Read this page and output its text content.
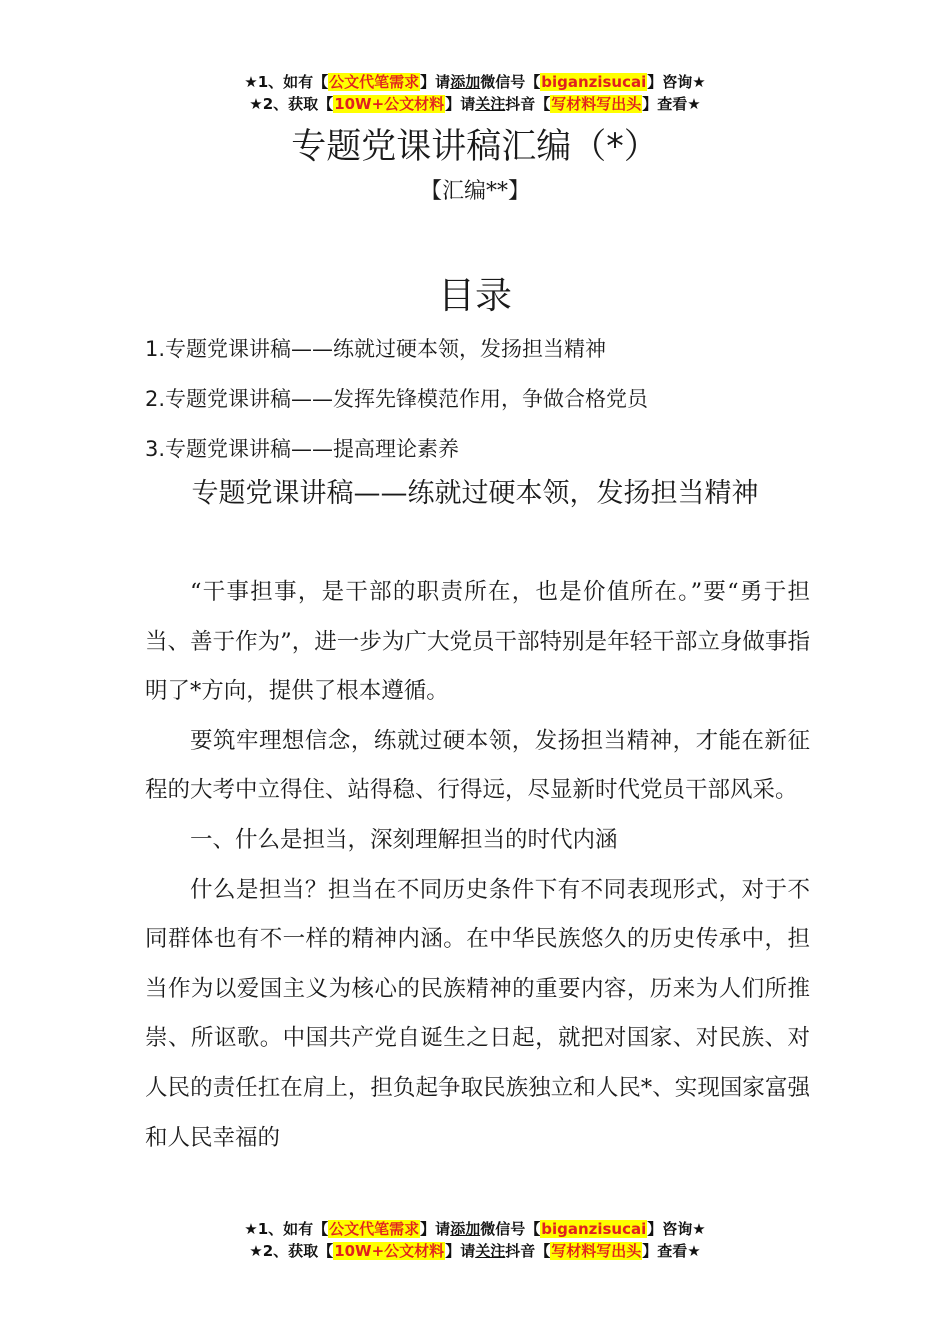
★1、如有【公文代笔需求】请添加微信号【biganzisucai】咨询★
★2、获取【10W+公文材料】请关注抖音【写材料写出头】查看★
专题党课讲稿汇编（*）
【汇编**】
目录
1.专题党课讲稿——练就过硬本领，发扬担当精神
2.专题党课讲稿——发挥先锋模范作用，争做合格党员
3.专题党课讲稿——提高理论素养
专题党课讲稿——练就过硬本领，发扬担当精神

“干事担事，是干部的职责所在，也是价值所在。”要“勇于担当、善于作为”，进一步为广大党员干部特别是年轻干部立身做事指明了*方向，提供了根本遵循。

要筑牢理想信念，练就过硬本领，发扬担当精神，才能在新征程的大考中立得住、站得稳、行得远，尽显新时代党员干部风采。

一、什么是担当，深刻理解担当的时代内涵

什么是担当？担当在不同历史条件下有不同表现形式，对于不同群体也有不一样的精神内涵。在中华民族悠久的历史传承中，担当作为以爱国主义为核心的民族精神的重要内容，历来为人们所推崇、所讴歌。中国共产党自诞生之日起，就把对国家、对民族、对人民的责任扛在肩上，担负起争取民族独立和人民*、实现国家富强和人民幸福的

★1、如有【公文代笔需求】请添加微信号【biganzisucai】咨询★
★2、获取【10W+公文材料】请关注抖音【写材料写出头】查看★
